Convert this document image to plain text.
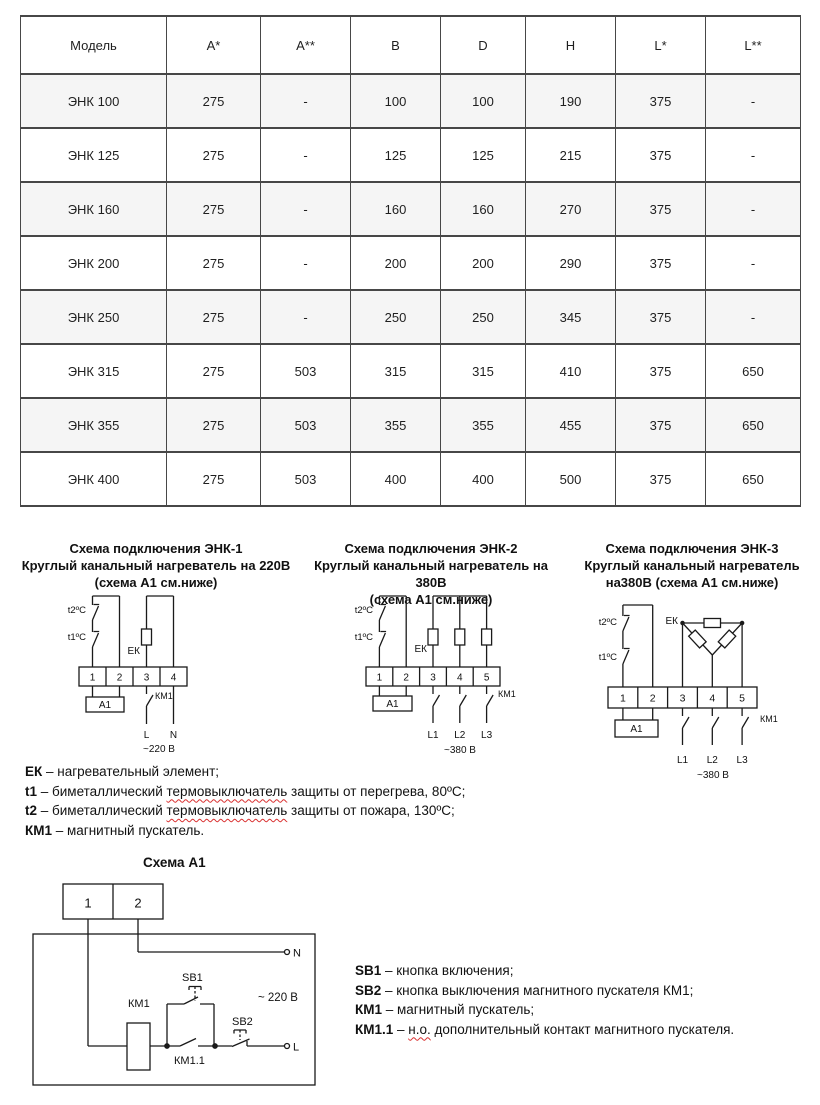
Модель	A*	A**	B	D	H	L*	L**
ЭНК 100	275	-	100	100	190	375	-
ЭНК 125	275	-	125	125	215	375	-
ЭНК 160	275	-	160	160	270	375	-
ЭНК 200	275	-	200	200	290	375	-
ЭНК 250	275	-	250	250	345	375	-
ЭНК 315	275	503	315	315	410	375	650
ЭНК 355	275	503	355	355	455	375	650
ЭНК 400	275	503	400	400	500	375	650
Схема подключения ЭНК-1
Круглый канальный нагреватель на 220В
(схема А1 см.ниже)
Схема подключения ЭНК-2
Круглый канальный нагреватель на 380В
(схема А1 см.ниже)
Схема подключения ЭНК-3
Круглый канальный нагреватель
на380В (схема А1 см.ниже)
t2ºС
t1ºС
ЕК
1 2 3 4
А1
КМ1
L N
~220 В
t2ºС
t1ºС
ЕК
1 2 3 4 5
А1
КМ1
L1 L2 L3
~380 В
t2ºС
t1ºС
ЕК
1 2 3 4 5
А1
КМ1
L1 L2 L3
~380 В
ЕК – нагревательный элемент;
t1 – биметаллический термовыключатель защиты от перегрева, 80ºС;
t2 – биметаллический термовыключатель защиты от пожара, 130ºС;
КМ1 – магнитный пускатель.
Схема А1
1	2
N
КМ1
SB1
SB2
КМ1.1
~ 220 В
L
SB1 – кнопка включения;
SB2 – кнопка выключения магнитного пускателя КМ1;
КМ1 – магнитный пускатель;
КМ1.1 – н.о. дополнительный контакт магнитного пускателя.
